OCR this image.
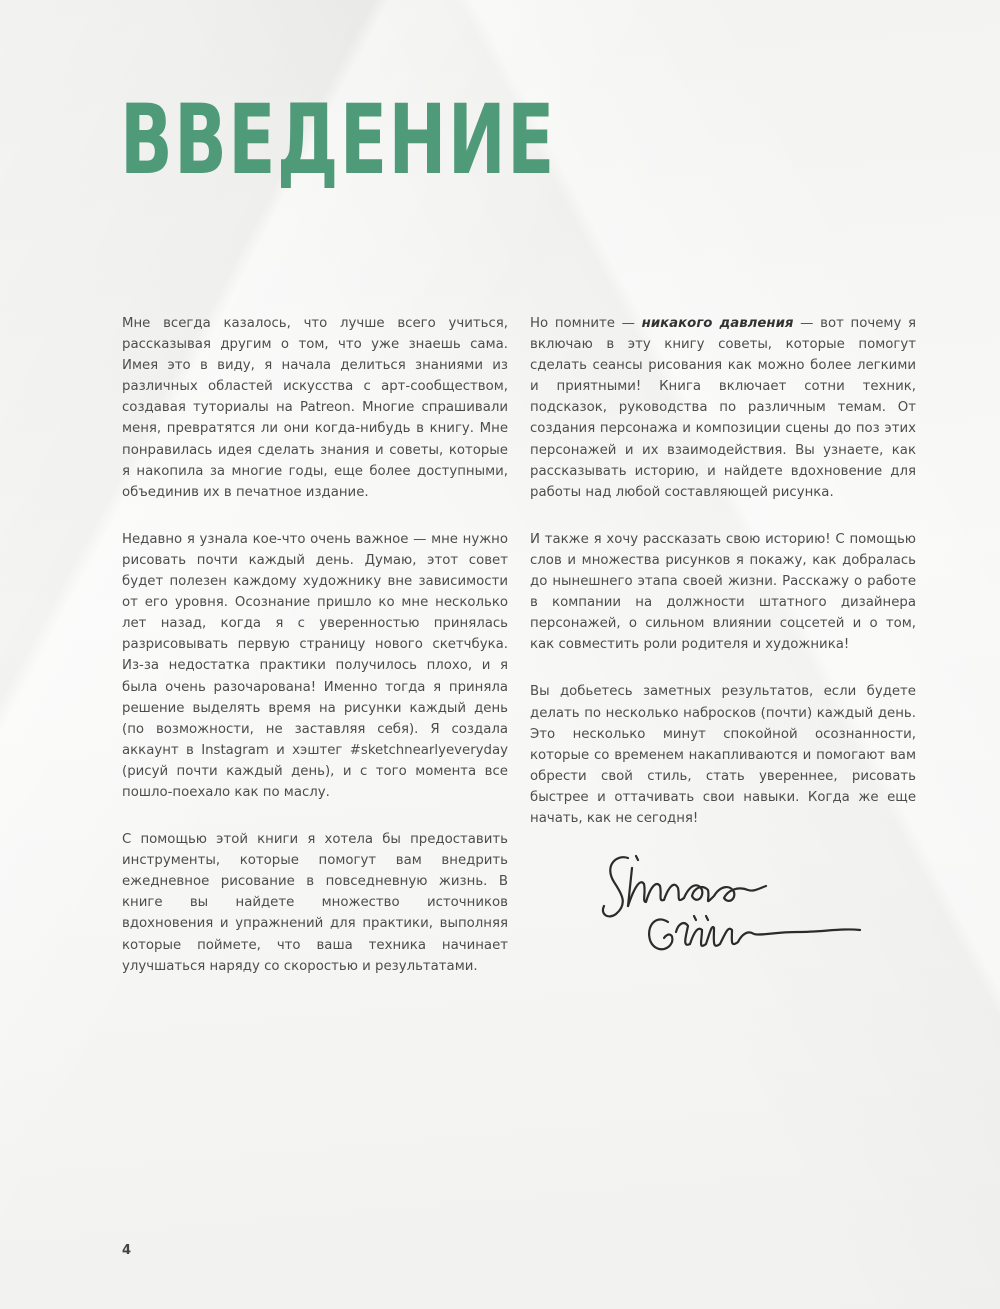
ВВЕДЕНИЕ

Мне всегда казалось, что лучше всего учиться, рассказывая другим о том, что уже знаешь сама. Имея это в виду, я начала делиться знаниями из различных областей искусства с арт-сообществом, создавая туториалы на Patreon. Многие спрашивали меня, превратятся ли они когда-нибудь в книгу. Мне понравилась идея сделать знания и советы, которые я накопила за многие годы, еще более доступными, объединив их в печатное издание.

Недавно я узнала кое-что очень важное — мне нужно рисовать почти каждый день. Думаю, этот совет будет полезен каждому художнику вне зависимости от его уровня. Осознание пришло ко мне несколько лет назад, когда я с уверенностью принялась разрисовывать первую страницу нового скетчбука. Из-за недостатка практики получилось плохо, и я была очень разочарована! Именно тогда я приняла решение выделять время на рисунки каждый день (по возможности, не заставляя себя). Я создала аккаунт в Instagram и хэштег #sketchnearlyeveryday (рисуй почти каждый день), и с того момента все пошло-поехало как по маслу.

С помощью этой книги я хотела бы предоставить инструменты, которые помогут вам внедрить ежедневное рисование в повседневную жизнь. В книге вы найдете множество источников вдохновения и упражнений для практики, выполняя которые поймете, что ваша техника начинает улучшаться наряду со скоростью и результатами.

Но помните — никакого давления — вот почему я включаю в эту книгу советы, которые помогут сделать сеансы рисования как можно более легкими и приятными! Книга включает сотни техник, подсказок, руководства по различным темам. От создания персонажа и композиции сцены до поз этих персонажей и их взаимодействия. Вы узнаете, как рассказывать историю, и найдете вдохновение для работы над любой составляющей рисунка.

И также я хочу рассказать свою историю! С помощью слов и множества рисунков я покажу, как добралась до нынешнего этапа своей жизни. Расскажу о работе в компании на должности штатного дизайнера персонажей, о сильном влиянии соцсетей и о том, как совместить роли родителя и художника!

Вы добьетесь заметных результатов, если будете делать по несколько набросков (почти) каждый день. Это несколько минут спокойной осознанности, которые со временем накапливаются и помогают вам обрести свой стиль, стать увереннее, рисовать быстрее и оттачивать свои навыки. Когда же еще начать, как не сегодня!

4
